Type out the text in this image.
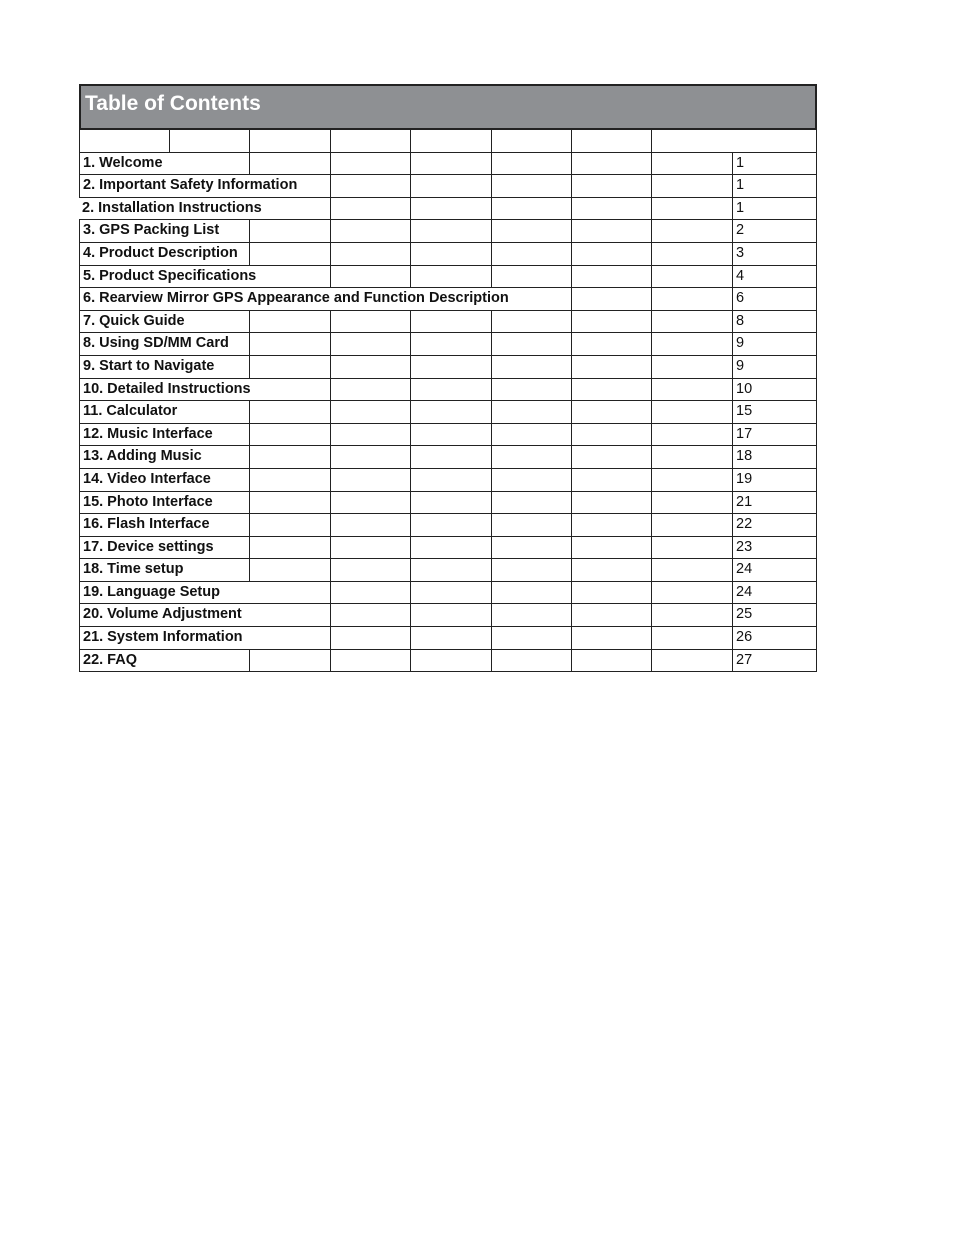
Table of Contents
1. Welcome	1
2. Important Safety Information	1
2. Installation Instructions	1
3. GPS Packing List	2
4. Product Description	3
5. Product Specifications	4
6. Rearview Mirror GPS Appearance and Function Description	6
7. Quick Guide	8
8. Using SD/MM Card	9
9. Start to Navigate	9
10. Detailed Instructions	10
11. Calculator	15
12. Music Interface	17
13. Adding Music	18
14. Video Interface	19
15. Photo Interface	21
16. Flash Interface	22
17. Device settings	23
18. Time setup	24
19. Language Setup	24
20. Volume Adjustment	25
21. System Information	26
22. FAQ	27
